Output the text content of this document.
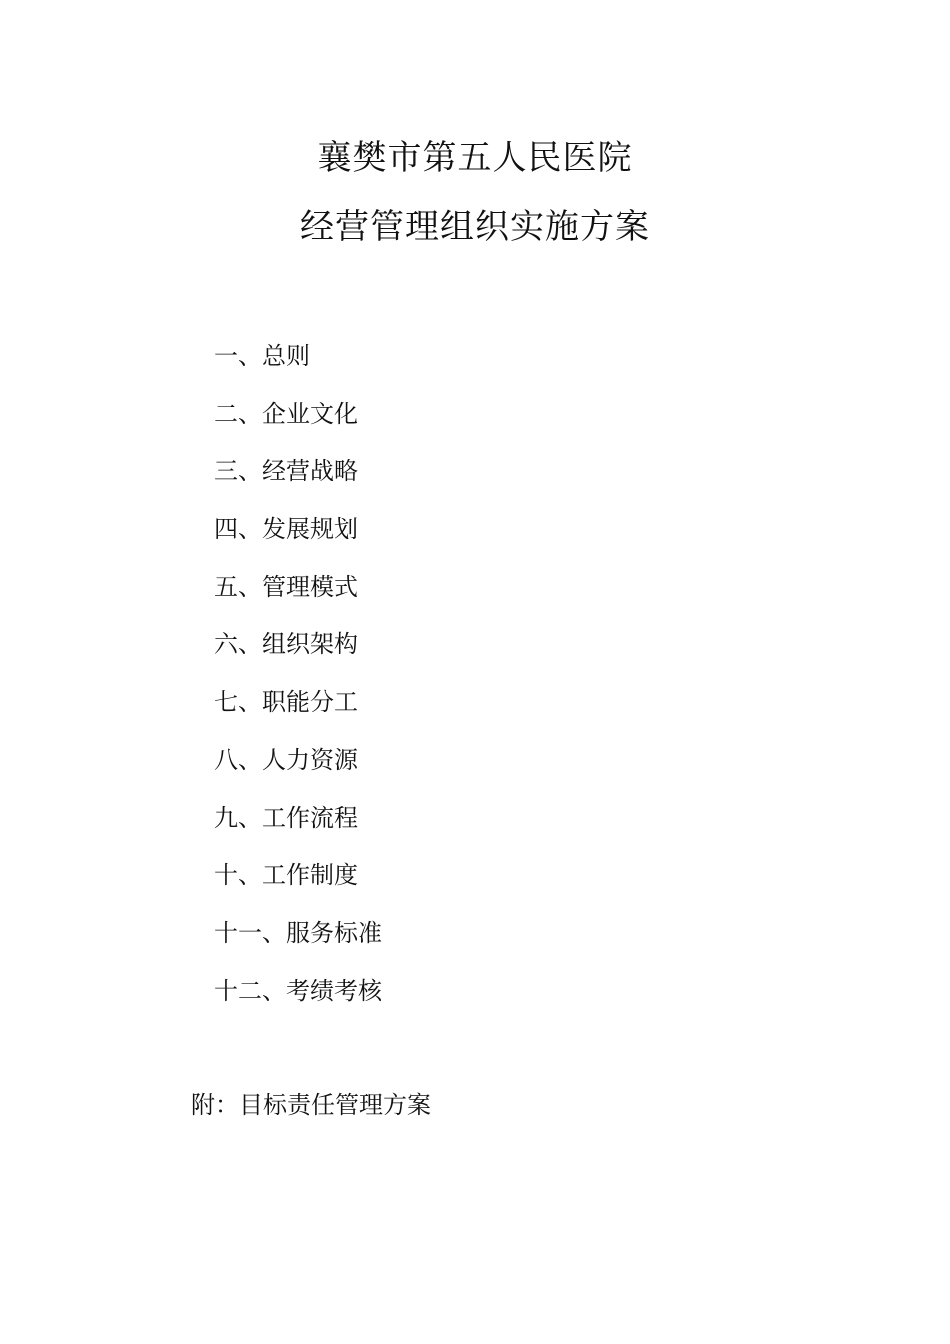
襄樊市第五人民医院
经营管理组织实施方案
一、总则
二、企业文化
三、经营战略
四、发展规划
五、管理模式
六、组织架构
七、职能分工
八、人力资源
九、工作流程
十、工作制度
十一、服务标准
十二、考绩考核
附：目标责任管理方案
